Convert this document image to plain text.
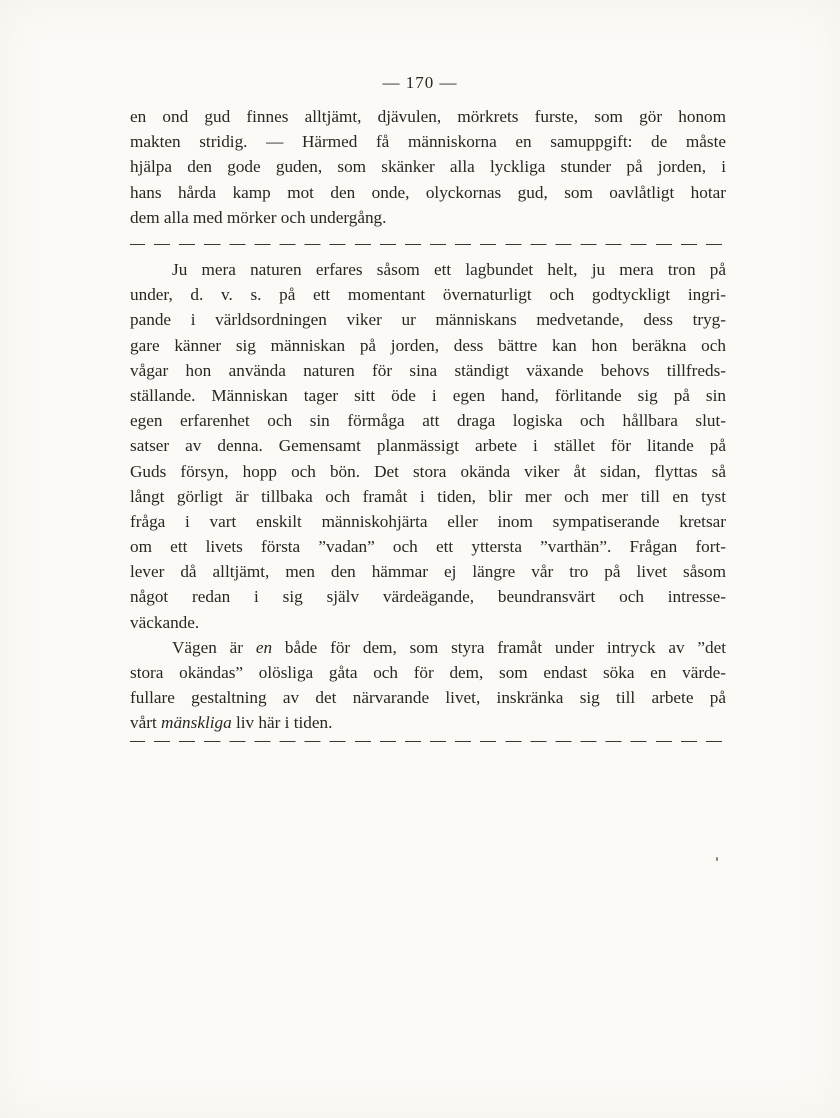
— 170 —
en ond gud finnes alltjämt, djävulen, mörkrets furste, som gör honom
makten stridig. — Härmed få människorna en samuppgift: de måste
hjälpa den gode guden, som skänker alla lyckliga stunder på jorden, i
hans hårda kamp mot den onde, olyckornas gud, som oavlåtligt hotar
dem alla med mörker och undergång.
Ju mera naturen erfares såsom ett lagbundet helt, ju mera tron på
under, d. v. s. på ett momentant övernaturligt och godtyckligt ingri-
pande i världsordningen viker ur människans medvetande, dess tryg-
gare känner sig människan på jorden, dess bättre kan hon beräkna och
vågar hon använda naturen för sina ständigt växande behovs tillfreds-
ställande. Människan tager sitt öde i egen hand, förlitande sig på sin
egen erfarenhet och sin förmåga att draga logiska och hållbara slut-
satser av denna. Gemensamt planmässigt arbete i stället för litande på
Guds försyn, hopp och bön. Det stora okända viker åt sidan, flyttas så
långt görligt är tillbaka och framåt i tiden, blir mer och mer till en tyst
fråga i vart enskilt människohjärta eller inom sympatiserande kretsar
om ett livets första ”vadan” och ett yttersta ”varthän”. Frågan fort-
lever då alltjämt, men den hämmar ej längre vår tro på livet såsom
något redan i sig själv värdeägande, beundransvärt och intresse-
väckande.
Vägen är en både för dem, som styra framåt under intryck av ”det
stora okändas” olösliga gåta och för dem, som endast söka en värde-
fullare gestaltning av det närvarande livet, inskränka sig till arbete på
vårt mänskliga liv här i tiden.
